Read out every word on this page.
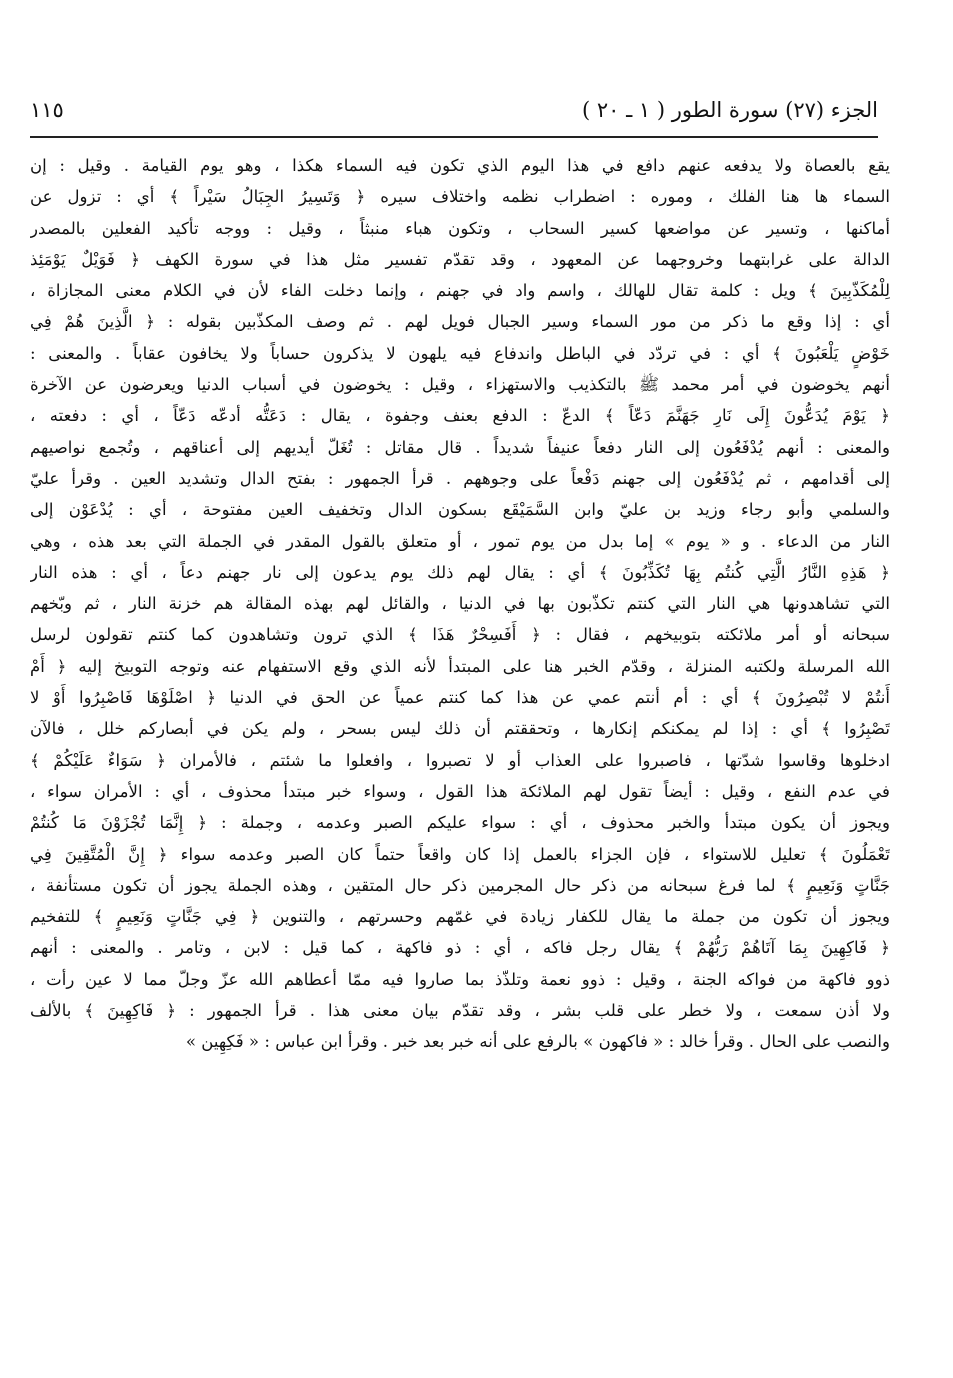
الجزء (٢٧) سورة الطور ( ١ ـ ٢٠ )
١١٥
يقع بالعصاة ولا يدفعه عنهم دافع في هذا اليوم الذي تكون فيه السماء هكذا ، وهو يوم القيامة . وقيل : إن
السماء ها هنا الفلك ، وموره : اضطراب نظمه واختلاف سيره ﴿ وَتَسِيرُ الجِبَالُ سَيْراً ﴾ أي : تزول عن
أماكنها ، وتسير عن مواضعها كسير السحاب ، وتكون هباء منبثاً ، وقيل : ووجه تأكيد الفعلين بالمصدر
الدالة على غرابتهما وخروجهما عن المعهود ، وقد تقدّم تفسير مثل هذا في سورة الكهف ﴿ فَوَيْلٌ يَوْمَئِذ
لِلْمُكَذّبِينَ ﴾ ويل : كلمة تقال للهالك ، واسم واد في جهنم ، وإنما دخلت الفاء لأن في الكلام معنى المجازاة ،
أي : إذا وقع ما ذكر من مور السماء وسير الجبال فويل لهم . ثم وصف المكذّبين بقوله : ﴿ الَّذِينَ هُمْ فِي
خَوْضٍ يَلْعَبُونَ ﴾ أي : في تردّد في الباطل واندفاع فيه يلهون لا يذكرون حساباً ولا يخافون عقاباً . والمعنى :
أنهم يخوضون في أمر محمد ﷺ بالتكذيب والاستهزاء ، وقيل : يخوضون في أسباب الدنيا ويعرضون عن الآخرة
﴿ يَوْمَ يُدَعُّونَ إِلَى نَارِ جَهَنَّمَ دَعّاً ﴾ الدعّ : الدفع بعنف وجفوة ، يقال : دَعَتُّه أدعّه دَعّاً ، أي : دفعته ،
والمعنى : أنهم يُدْفَعُون إلى النار دفعاً عنيفاً شديداً . قال مقاتل : تُغَلّ أيديهم إلى أعناقهم ، وتُجمع نواصيهم
إلى أقدامهم ، ثم يُدْفَعُون إلى جهنم دَفْعاً على وجوههم . قرأ الجمهور : بفتح الدال وتشديد العين . وقرأ عليّ
والسلمي وأبو رجاء وزيد بن عليّ وابن السَّمَيْقَع بسكون الدال وتخفيف العين مفتوحة ، أي : يُدْعَوْن إلى
النار من الدعاء . و « يوم » إما بدل من يوم تمور ، أو متعلق بالقول المقدر في الجملة التي بعد هذه ، وهي
﴿ هَذِهِ النَّارُ الَّتِي كُنتُم بِهَا تُكَذِّبُونَ ﴾ أي : يقال لهم ذلك يوم يدعون إلى نار جهنم دعاً ، أي : هذه النار
التي تشاهدونها هي النار التي كنتم تكذّبون بها في الدنيا ، والقائل لهم بهذه المقالة هم خزنة النار ، ثم وبّخهم
سبحانه أو أمر ملائكته بتوبيخهم ، فقال : ﴿ أَفَسِحْرٌ هَذَا ﴾ الذي ترون وتشاهدون كما كنتم تقولون لرسل
الله المرسلة ولكتبه المنزلة ، وقدّم الخبر هنا على المبتدأ لأنه الذي وقع الاستفهام عنه وتوجه التوبيخ إليه ﴿ أَمْ
أَنتُمْ لا تُبْصِرُونَ ﴾ أي : أم أنتم عمي عن هذا كما كنتم عمياً عن الحق في الدنيا ﴿ اصْلَوْهَا فَاصْبِرُوا أَوْ لا
تَصْبِرُوا ﴾ أي : إذا لم يمكنكم إنكارها ، وتحققتم أن ذلك ليس بسحر ، ولم يكن في أبصاركم خلل ، فالآن
ادخلوها وقاسوا شدّتها ، فاصبروا على العذاب أو لا تصبروا ، وافعلوا ما شئتم ، فالأمران ﴿ سَوَاءٌ عَلَيْكُمْ ﴾
في عدم النفع ، وقيل : أيضاً تقول لهم الملائكة هذا القول ، وسواء خبر مبتدأ محذوف ، أي : الأمران سواء ،
ويجوز أن يكون مبتدأ والخبر محذوف ، أي : سواء عليكم الصبر وعدمه ، وجملة : ﴿ إِنَّمَا تُجْزَوْنَ مَا كُنتُمْ
تَعْمَلُونَ ﴾ تعليل للاستواء ، فإن الجزاء بالعمل إذا كان واقعاً حتماً كان الصبر وعدمه سواء ﴿ إِنَّ الْمُتَّقِينَ فِي
جَنَّاتٍ وَنَعِيمٍ ﴾ لما فرغ سبحانه من ذكر حال المجرمين ذكر حال المتقين ، وهذه الجملة يجوز أن تكون مستأنفة ،
ويجوز أن تكون من جملة ما يقال للكفار زيادة في غمّهم وحسرتهم ، والتنوين ﴿ فِي جَنَّاتٍ وَنَعِيمٍ ﴾ للتفخيم
﴿ فَاكِهِينَ بِمَا آتَاهُمْ رَبُّهُمْ ﴾ يقال رجل فاكه ، أي : ذو فاكهة ، كما قيل : لابن ، وتامر . والمعنى : أنهم
ذوو فاكهة من فواكه الجنة ، وقيل : ذوو نعمة وتلذّذ بما صاروا فيه ممّا أعطاهم الله عزّ وجلّ مما لا عين رأت ،
ولا أذن سمعت ، ولا خطر على قلب بشر ، وقد تقدّم بيان معنى هذا . قرأ الجمهور : ﴿ فَاكِهِينَ ﴾ بالألف
والنصب على الحال . وقرأ خالد : « فاكهون » بالرفع على أنه خبر بعد خبر . وقرأ ابن عباس : « فَكِهِين »
